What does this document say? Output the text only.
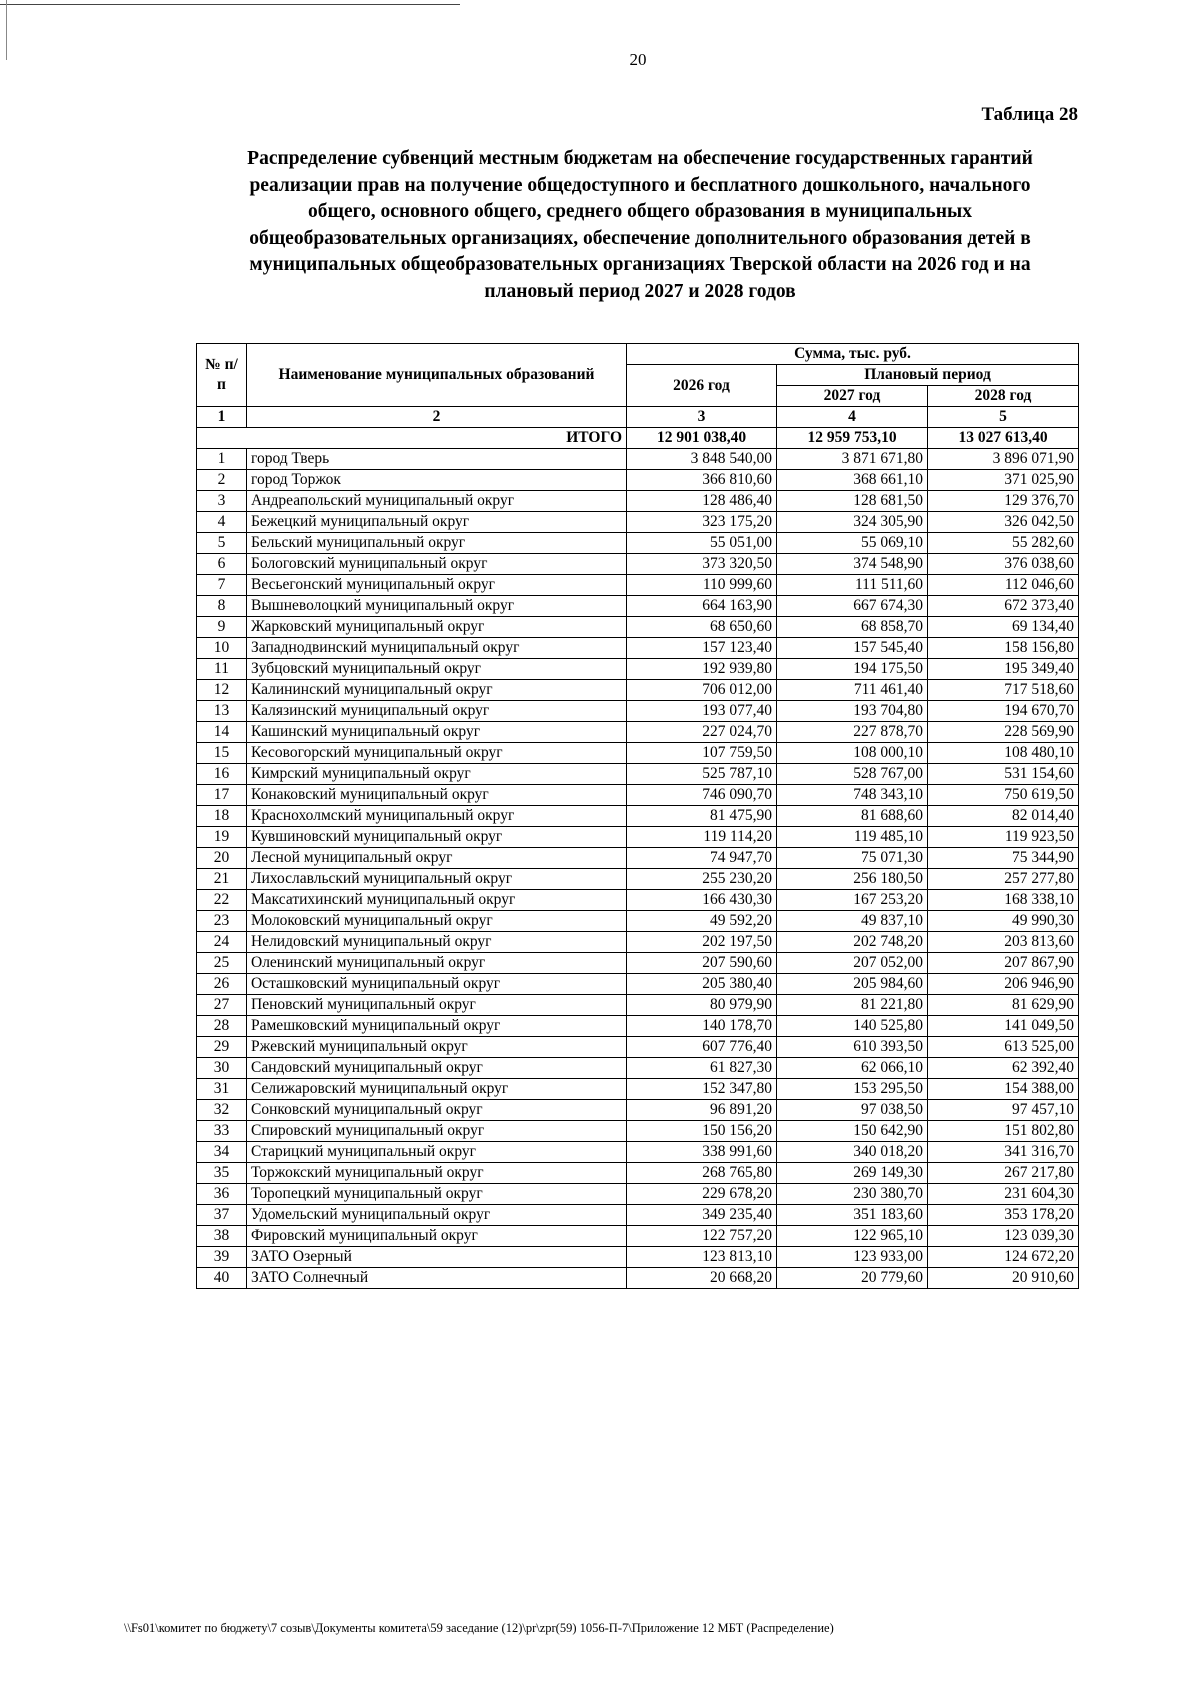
20
Таблица 28
Распределение субвенций местным бюджетам на обеспечение государственных гарантий
реализации прав на получение общедоступного и бесплатного дошкольного, начального
общего, основного общего, среднего общего образования в муниципальных
общеобразовательных организациях, обеспечение дополнительного образования детей в
муниципальных общеобразовательных организациях Тверской области на 2026 год и на
плановый период 2027 и 2028 годов
№ п/п	Наименование муниципальных образований	Сумма, тыс. руб.		
		2026 год	Плановый период	
			2027 год	2028 год
1	2	3	4	5
ИТОГО		12 901 038,40	12 959 753,10	13 027 613,40
1	город Тверь	3 848 540,00	3 871 671,80	3 896 071,90
2	город Торжок	366 810,60	368 661,10	371 025,90
3	Андреапольский муниципальный округ	128 486,40	128 681,50	129 376,70
4	Бежецкий муниципальный округ	323 175,20	324 305,90	326 042,50
5	Бельский муниципальный округ	55 051,00	55 069,10	55 282,60
6	Бологовский муниципальный округ	373 320,50	374 548,90	376 038,60
7	Весьегонский муниципальный округ	110 999,60	111 511,60	112 046,60
8	Вышневолоцкий муниципальный округ	664 163,90	667 674,30	672 373,40
9	Жарковский муниципальный округ	68 650,60	68 858,70	69 134,40
10	Западнодвинский муниципальный округ	157 123,40	157 545,40	158 156,80
11	Зубцовский муниципальный округ	192 939,80	194 175,50	195 349,40
12	Калининский муниципальный округ	706 012,00	711 461,40	717 518,60
13	Калязинский муниципальный округ	193 077,40	193 704,80	194 670,70
14	Кашинский муниципальный округ	227 024,70	227 878,70	228 569,90
15	Кесовогорский муниципальный округ	107 759,50	108 000,10	108 480,10
16	Кимрский муниципальный округ	525 787,10	528 767,00	531 154,60
17	Конаковский муниципальный округ	746 090,70	748 343,10	750 619,50
18	Краснохолмский муниципальный округ	81 475,90	81 688,60	82 014,40
19	Кувшиновский муниципальный округ	119 114,20	119 485,10	119 923,50
20	Лесной муниципальный округ	74 947,70	75 071,30	75 344,90
21	Лихославльский муниципальный округ	255 230,20	256 180,50	257 277,80
22	Максатихинский муниципальный округ	166 430,30	167 253,20	168 338,10
23	Молоковский муниципальный округ	49 592,20	49 837,10	49 990,30
24	Нелидовский муниципальный округ	202 197,50	202 748,20	203 813,60
25	Оленинский муниципальный округ	207 590,60	207 052,00	207 867,90
26	Осташковский муниципальный округ	205 380,40	205 984,60	206 946,90
27	Пеновский муниципальный округ	80 979,90	81 221,80	81 629,90
28	Рамешковский муниципальный округ	140 178,70	140 525,80	141 049,50
29	Ржевский муниципальный округ	607 776,40	610 393,50	613 525,00
30	Сандовский муниципальный округ	61 827,30	62 066,10	62 392,40
31	Селижаровский муниципальный округ	152 347,80	153 295,50	154 388,00
32	Сонковский муниципальный округ	96 891,20	97 038,50	97 457,10
33	Спировский муниципальный округ	150 156,20	150 642,90	151 802,80
34	Старицкий муниципальный округ	338 991,60	340 018,20	341 316,70
35	Торжокский муниципальный округ	268 765,80	269 149,30	267 217,80
36	Торопецкий муниципальный округ	229 678,20	230 380,70	231 604,30
37	Удомельский муниципальный округ	349 235,40	351 183,60	353 178,20
38	Фировский муниципальный округ	122 757,20	122 965,10	123 039,30
39	ЗАТО Озерный	123 813,10	123 933,00	124 672,20
40	ЗАТО Солнечный	20 668,20	20 779,60	20 910,60
\\Fs01\комитет по бюджету\7 созыв\Документы комитета\59 заседание (12)\pr\zpr(59) 1056-П-7\Приложение 12 МБТ (Распределение)
